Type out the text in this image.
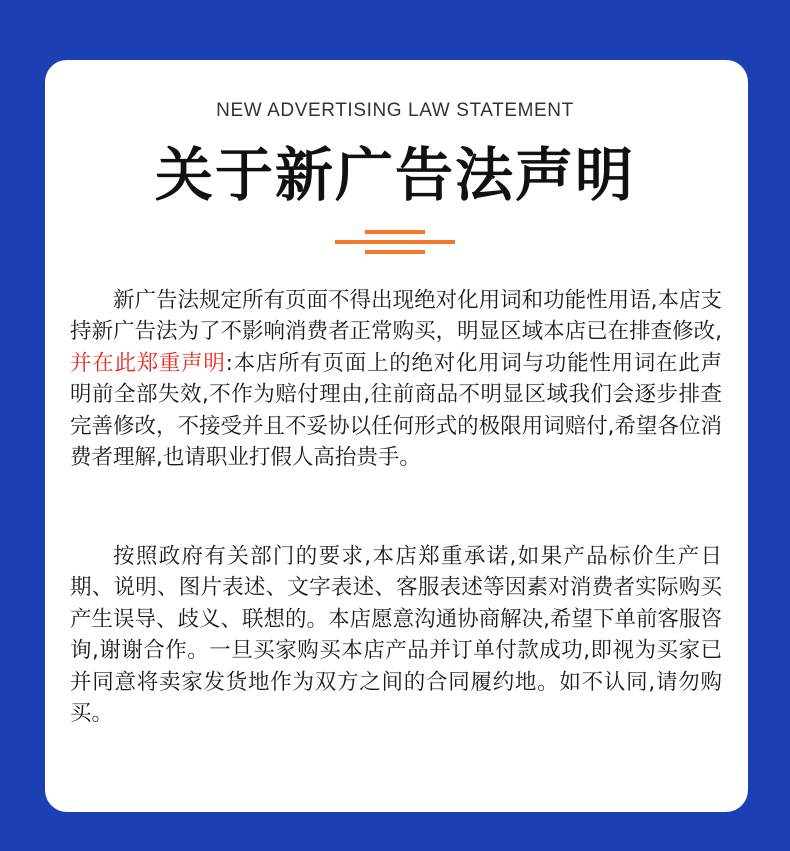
NEW ADVERTISING LAW STATEMENT
关于新广告法声明

新广告法规定所有页面不得出现绝对化用词和功能性用语,本店支持新广告法为了不影响消费者正常购买，明显区域本店已在排查修改,并在此郑重声明:本店所有页面上的绝对化用词与功能性用词在此声明前全部失效,不作为赔付理由,往前商品不明显区域我们会逐步排查完善修改，不接受并且不妥协以任何形式的极限用词赔付,希望各位消费者理解,也请职业打假人高抬贵手。

按照政府有关部门的要求,本店郑重承诺,如果产品标价生产日期、说明、图片表述、文字表述、客服表述等因素对消费者实际购买产生误导、歧义、联想的。本店愿意沟通协商解决,希望下单前客服咨询,谢谢合作。一旦买家购买本店产品并订单付款成功,即视为买家已并同意将卖家发货地作为双方之间的合同履约地。如不认同,请勿购买。
